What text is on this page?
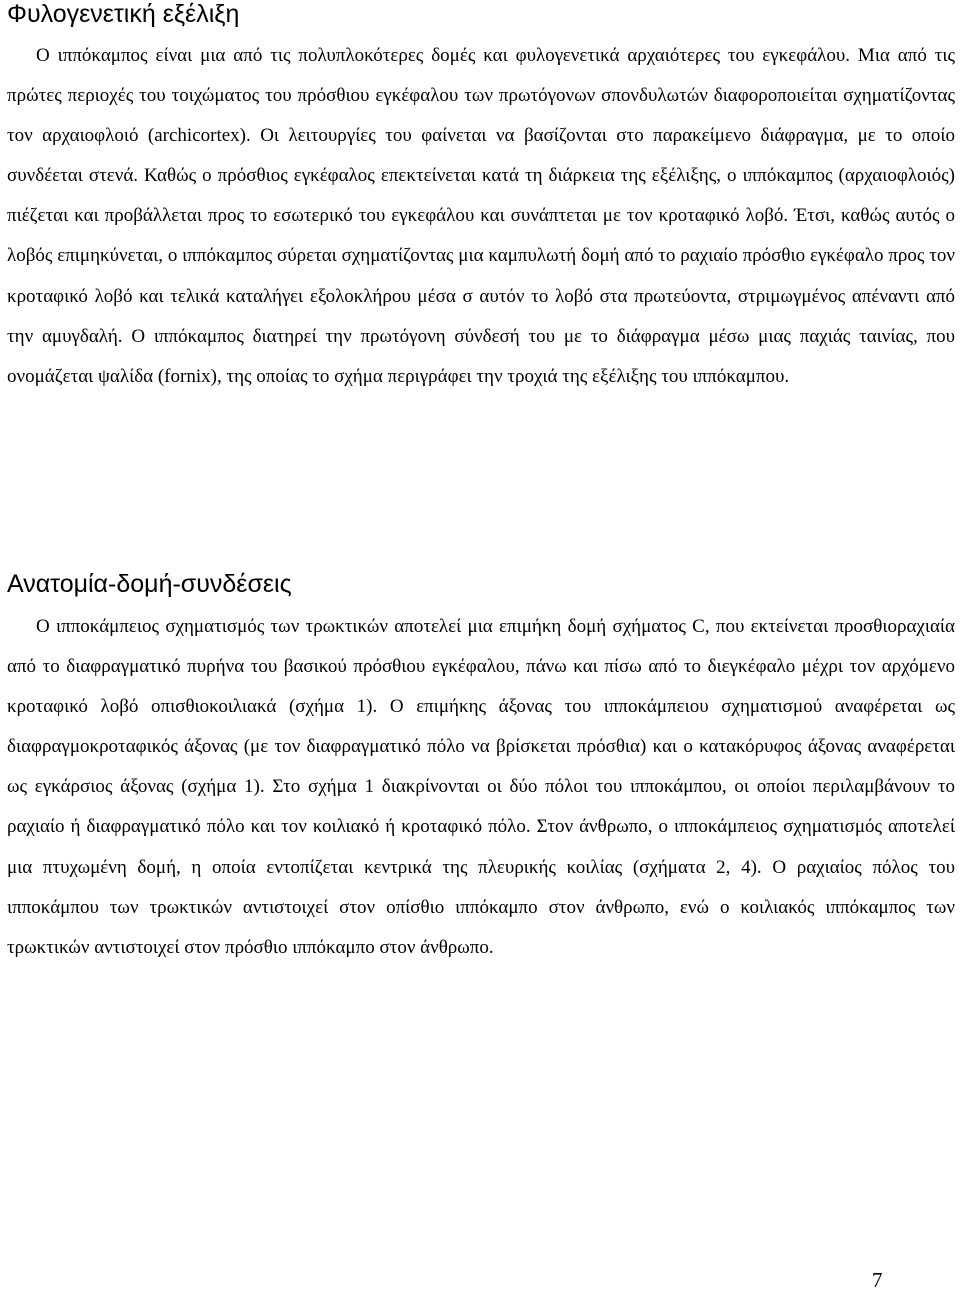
Φυλογενετική εξέλιξη

Ο ιππόκαμπος είναι μια από τις πολυπλοκότερες δομές και φυλογενετικά αρχαιότερες του εγκεφάλου. Μια από τις πρώτες περιοχές του τοιχώματος του πρόσθιου εγκέφαλου των πρωτόγονων σπονδυλωτών διαφοροποιείται σχηματίζοντας τον αρχαιοφλοιό (archicortex). Οι λειτουργίες του φαίνεται να βασίζονται στο παρακείμενο διάφραγμα, με το οποίο συνδέεται στενά. Καθώς ο πρόσθιος εγκέφαλος επεκτείνεται κατά τη διάρκεια της εξέλιξης, ο ιππόκαμπος (αρχαιοφλοιός) πιέζεται και προβάλλεται προς το εσωτερικό του εγκεφάλου και συνάπτεται με τον κροταφικό λοβό. Έτσι, καθώς αυτός ο λοβός επιμηκύνεται, ο ιππόκαμπος σύρεται σχηματίζοντας μια καμπυλωτή δομή από το ραχιαίο πρόσθιο εγκέφαλο προς τον κροταφικό λοβό και τελικά καταλήγει εξολοκλήρου μέσα σ αυτόν το λοβό στα πρωτεύοντα, στριμωγμένος απέναντι από την αμυγδαλή. Ο ιππόκαμπος διατηρεί την πρωτόγονη σύνδεσή του με το διάφραγμα μέσω μιας παχιάς ταινίας, που ονομάζεται ψαλίδα (fornix), της οποίας το σχήμα περιγράφει την τροχιά της εξέλιξης του ιππόκαμπου.

Ανατομία-δομή-συνδέσεις

Ο ιπποκάμπειος σχηματισμός των τρωκτικών αποτελεί μια επιμήκη δομή σχήματος C, που εκτείνεται προσθιοραχιαία από το διαφραγματικό πυρήνα του βασικού πρόσθιου εγκέφαλου, πάνω και πίσω από το διεγκέφαλο μέχρι τον αρχόμενο κροταφικό λοβό οπισθιοκοιλιακά (σχήμα 1). Ο επιμήκης άξονας του ιπποκάμπειου σχηματισμού αναφέρεται ως διαφραγμοκροταφικός άξονας (με τον διαφραγματικό πόλο να βρίσκεται πρόσθια) και ο κατακόρυφος άξονας αναφέρεται ως εγκάρσιος άξονας (σχήμα 1). Στο σχήμα 1 διακρίνονται οι δύο πόλοι του ιπποκάμπου, οι οποίοι περιλαμβάνουν το ραχιαίο ή διαφραγματικό πόλο και τον κοιλιακό ή κροταφικό πόλο. Στον άνθρωπο, ο ιπποκάμπειος σχηματισμός αποτελεί μια πτυχωμένη δομή, η οποία εντοπίζεται κεντρικά της πλευρικής κοιλίας (σχήματα 2, 4). Ο ραχιαίος πόλος του ιπποκάμπου των τρωκτικών αντιστοιχεί στον οπίσθιο ιππόκαμπο στον άνθρωπο, ενώ ο κοιλιακός ιππόκαμπος των τρωκτικών αντιστοιχεί στον πρόσθιο ιππόκαμπο στον άνθρωπο.

7
